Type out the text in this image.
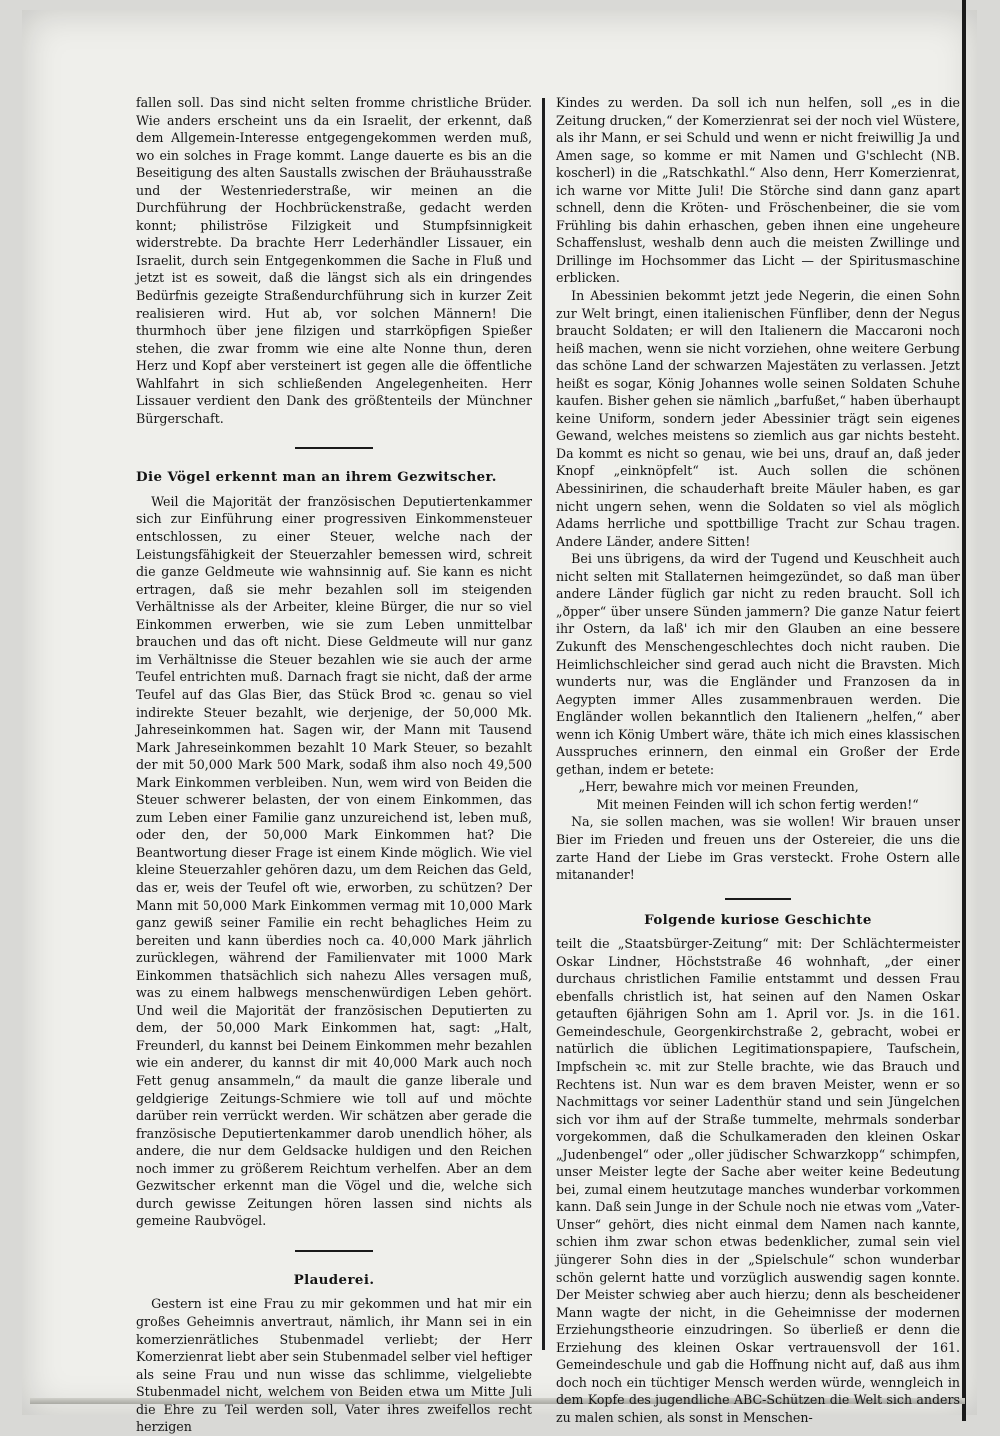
fallen soll. Das sind nicht selten fromme christliche Brüder. Wie anders erscheint uns da ein Israelit, der erkennt, daß dem Allgemein-Interesse entgegengekommen werden muß, wo ein solches in Frage kommt. Lange dauerte es bis an die Beseitigung des alten Saustalls zwischen der Bräuhausstraße und der Westenriederstraße, wir meinen an die Durchführung der Hochbrückenstraße, gedacht werden konnt; philiströse Filzigkeit und Stumpfsinnigkeit widerstrebte. Da brachte Herr Lederhändler Lissauer, ein Israelit, durch sein Entgegenkommen die Sache in Fluß und jetzt ist es soweit, daß die längst sich als ein dringendes Bedürfnis gezeigte Straßendurchführung sich in kurzer Zeit realisieren wird. Hut ab, vor solchen Männern! Die thurmhoch über jene filzigen und starrköpfigen Spießer stehen, die zwar fromm wie eine alte Nonne thun, deren Herz und Kopf aber versteinert ist gegen alle die öffentliche Wahlfahrt in sich schließenden Angelegenheiten. Herr Lissauer verdient den Dank des größtenteils der Münchner Bürgerschaft.

Die Vögel erkennt man an ihrem Gezwitscher.

Weil die Majorität der französischen Deputiertenkammer sich zur Einführung einer progressiven Einkommensteuer entschlossen, zu einer Steuer, welche nach der Leistungsfähigkeit der Steuerzahler bemessen wird, schreit die ganze Geldmeute wie wahnsinnig auf. Sie kann es nicht ertragen, daß sie mehr bezahlen soll im steigenden Verhältnisse als der Arbeiter, kleine Bürger, die nur so viel Einkommen erwerben, wie sie zum Leben unmittelbar brauchen und das oft nicht. Diese Geldmeute will nur ganz im Verhältnisse die Steuer bezahlen wie sie auch der arme Teufel entrichten muß. Darnach fragt sie nicht, daß der arme Teufel auf das Glas Bier, das Stück Brod ꝛc. genau so viel indirekte Steuer bezahlt, wie derjenige, der 50,000 Mk. Jahreseinkommen hat. Sagen wir, der Mann mit Tausend Mark Jahreseinkommen bezahlt 10 Mark Steuer, so bezahlt der mit 50,000 Mark 500 Mark, sodaß ihm also noch 49,500 Mark Einkommen verbleiben. Nun, wem wird von Beiden die Steuer schwerer belasten, der von einem Einkommen, das zum Leben einer Familie ganz unzureichend ist, leben muß, oder den, der 50,000 Mark Einkommen hat? Die Beantwortung dieser Frage ist einem Kinde möglich. Wie viel kleine Steuerzahler gehören dazu, um dem Reichen das Geld, das er, weis der Teufel oft wie, erworben, zu schützen? Der Mann mit 50,000 Mark Einkommen vermag mit 10,000 Mark ganz gewiß seiner Familie ein recht behagliches Heim zu bereiten und kann überdies noch ca. 40,000 Mark jährlich zurücklegen, während der Familienvater mit 1000 Mark Einkommen thatsächlich sich nahezu Alles versagen muß, was zu einem halbwegs menschenwürdigen Leben gehört. Und weil die Majorität der französischen Deputierten zu dem, der 50,000 Mark Einkommen hat, sagt: „Halt, Freunderl, du kannst bei Deinem Einkommen mehr bezahlen wie ein anderer, du kannst dir mit 40,000 Mark auch noch Fett genug ansammeln,“ da mault die ganze liberale und geldgierige Zeitungs-Schmiere wie toll auf und möchte darüber rein verrückt werden. Wir schätzen aber gerade die französische Deputiertenkammer darob unendlich höher, als andere, die nur dem Geldsacke huldigen und den Reichen noch immer zu größerem Reichtum verhelfen. Aber an dem Gezwitscher erkennt man die Vögel und die, welche sich durch gewisse Zeitungen hören lassen sind nichts als gemeine Raubvögel.

Plauderei.

Gestern ist eine Frau zu mir gekommen und hat mir ein großes Geheimnis anvertraut, nämlich, ihr Mann sei in ein komerzienrätliches Stubenmadel verliebt; der Herr Komerzienrat liebt aber sein Stubenmadel selber viel heftiger als seine Frau und nun wisse das schlimme, vielgeliebte Stubenmadel nicht, welchem von Beiden etwa um Mitte Juli die Ehre zu Teil werden soll, Vater ihres zweifellos recht herzigen

Kindes zu werden. Da soll ich nun helfen, soll „es in die Zeitung drucken,“ der Komerzienrat sei der noch viel Wüstere, als ihr Mann, er sei Schuld und wenn er nicht freiwillig Ja und Amen sage, so komme er mit Namen und G'schlecht (NB. koscherl) in die „Ratschkathl.“ Also denn, Herr Komerzienrat, ich warne vor Mitte Juli! Die Störche sind dann ganz apart schnell, denn die Kröten- und Fröschenbeiner, die sie vom Frühling bis dahin erhaschen, geben ihnen eine ungeheure Schaffenslust, weshalb denn auch die meisten Zwillinge und Drillinge im Hochsommer das Licht — der Spiritusmaschine erblicken.

In Abessinien bekommt jetzt jede Negerin, die einen Sohn zur Welt bringt, einen italienischen Fünfliber, denn der Negus braucht Soldaten; er will den Italienern die Maccaroni noch heiß machen, wenn sie nicht vorziehen, ohne weitere Gerbung das schöne Land der schwarzen Majestäten zu verlassen. Jetzt heißt es sogar, König Johannes wolle seinen Soldaten Schuhe kaufen. Bisher gehen sie nämlich „barfußet,“ haben überhaupt keine Uniform, sondern jeder Abessinier trägt sein eigenes Gewand, welches meistens so ziemlich aus gar nichts besteht. Da kommt es nicht so genau, wie bei uns, drauf an, daß jeder Knopf „einknöpfelt“ ist. Auch sollen die schönen Abessinirinen, die schauderhaft breite Mäuler haben, es gar nicht ungern sehen, wenn die Soldaten so viel als möglich Adams herrliche und spottbillige Tracht zur Schau tragen. Andere Länder, andere Sitten!

Bei uns übrigens, da wird der Tugend und Keuschheit auch nicht selten mit Stallaternen heimgezündet, so daß man über andere Länder füglich gar nicht zu reden braucht. Soll ich „ðpper“ über unsere Sünden jammern? Die ganze Natur feiert ihr Ostern, da laß' ich mir den Glauben an eine bessere Zukunft des Menschengeschlechtes doch nicht rauben. Die Heimlichschleicher sind gerad auch nicht die Bravsten. Mich wunderts nur, was die Engländer und Franzosen da in Aegypten immer Alles zusammenbrauen werden. Die Engländer wollen bekanntlich den Italienern „helfen,“ aber wenn ich König Umbert wäre, thäte ich mich eines klassischen Ausspruches erinnern, den einmal ein Großer der Erde gethan, indem er betete:

„Herr, bewahre mich vor meinen Freunden,

Mit meinen Feinden will ich schon fertig werden!“

Na, sie sollen machen, was sie wollen! Wir brauen unser Bier im Frieden und freuen uns der Ostereier, die uns die zarte Hand der Liebe im Gras versteckt. Frohe Ostern alle mitanander!

Folgende kuriose Geschichte

teilt die „Staatsbürger-Zeitung“ mit: Der Schlächtermeister Oskar Lindner, Höchststraße 46 wohnhaft, „der einer durchaus christlichen Familie entstammt und dessen Frau ebenfalls christlich ist, hat seinen auf den Namen Oskar getauften 6jährigen Sohn am 1. April vor. Js. in die 161. Gemeindeschule, Georgenkirchstraße 2, gebracht, wobei er natürlich die üblichen Legitimationspapiere, Taufschein, Impfschein ꝛc. mit zur Stelle brachte, wie das Brauch und Rechtens ist. Nun war es dem braven Meister, wenn er so Nachmittags vor seiner Ladenthür stand und sein Jüngelchen sich vor ihm auf der Straße tummelte, mehrmals sonderbar vorgekommen, daß die Schulkameraden den kleinen Oskar „Judenbengel“ oder „oller jüdischer Schwarzkopp“ schimpfen, unser Meister legte der Sache aber weiter keine Bedeutung bei, zumal einem heutzutage manches wunderbar vorkommen kann. Daß sein Junge in der Schule noch nie etwas vom „Vater-Unser“ gehört, dies nicht einmal dem Namen nach kannte, schien ihm zwar schon etwas bedenklicher, zumal sein viel jüngerer Sohn dies in der „Spielschule“ schon wunderbar schön gelernt hatte und vorzüglich auswendig sagen konnte. Der Meister schwieg aber auch hierzu; denn als bescheidener Mann wagte der nicht, in die Geheimnisse der modernen Erziehungstheorie einzudringen. So überließ er denn die Erziehung des kleinen Oskar vertrauensvoll der 161. Gemeindeschule und gab die Hoffnung nicht auf, daß aus ihm doch noch ein tüchtiger Mensch werden würde, wenngleich in dem Kopfe des jugendliche ABC-Schützen die Welt sich anders zu malen schien, als sonst in Menschen-
